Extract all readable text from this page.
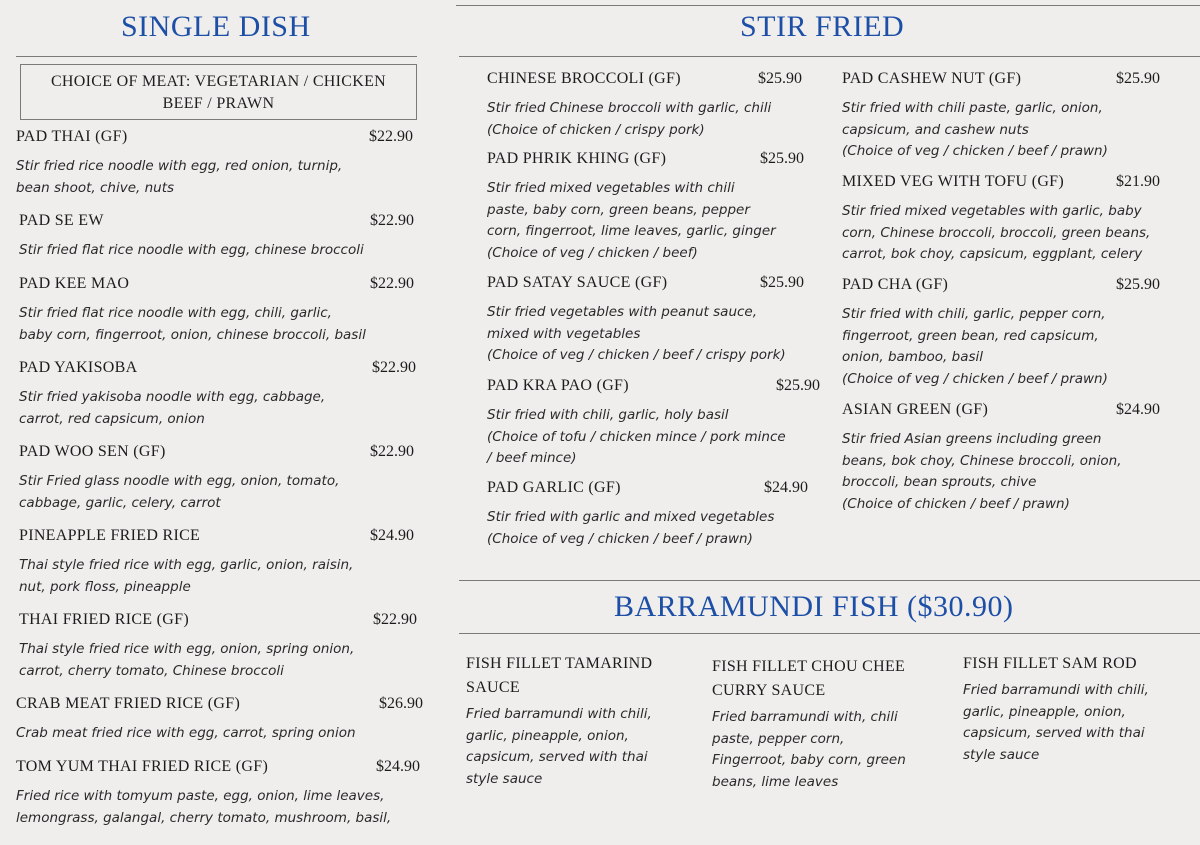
SINGLE DISH
CHOICE OF MEAT: VEGETARIAN / CHICKEN
BEEF / PRAWN
PAD THAI (GF)	$22.90
Stir fried rice noodle with egg, red onion, turnip,
bean shoot, chive, nuts
PAD SE EW	$22.90
Stir fried flat rice noodle with egg, chinese broccoli
PAD KEE MAO	$22.90
Stir fried flat rice noodle with egg, chili, garlic,
baby corn, fingerroot, onion, chinese broccoli, basil
PAD YAKISOBA	$22.90
Stir fried yakisoba noodle with egg, cabbage,
carrot, red capsicum, onion
PAD WOO SEN (GF)	$22.90
Stir Fried glass noodle with egg, onion, tomato,
cabbage, garlic, celery, carrot
PINEAPPLE FRIED RICE	$24.90
Thai style fried rice with egg, garlic, onion, raisin,
nut, pork floss, pineapple
THAI FRIED RICE (GF)	$22.90
Thai style fried rice with egg, onion, spring onion,
carrot, cherry tomato, Chinese broccoli
CRAB MEAT FRIED RICE (GF)	$26.90
Crab meat fried rice with egg, carrot, spring onion
TOM YUM THAI FRIED RICE (GF)	$24.90
Fried rice with tomyum paste, egg, onion, lime leaves,
lemongrass, galangal, cherry tomato, mushroom, basil,
STIR FRIED
CHINESE BROCCOLI (GF)	$25.90
Stir fried Chinese broccoli with garlic, chili
(Choice of chicken / crispy pork)
PAD PHRIK KHING (GF)	$25.90
Stir fried mixed vegetables with chili
paste, baby corn, green beans, pepper
corn, fingerroot, lime leaves, garlic, ginger
(Choice of veg / chicken / beef)
PAD SATAY SAUCE (GF)	$25.90
Stir fried vegetables with peanut sauce,
mixed with vegetables
(Choice of veg / chicken / beef / crispy pork)
PAD KRA PAO (GF)	$25.90
Stir fried with chili, garlic, holy basil
(Choice of tofu / chicken mince / pork mince
/ beef mince)
PAD GARLIC (GF)	$24.90
Stir fried with garlic and mixed vegetables
(Choice of veg / chicken / beef / prawn)
PAD CASHEW NUT (GF)	$25.90
Stir fried with chili paste, garlic, onion,
capsicum, and cashew nuts
(Choice of veg / chicken / beef / prawn)
MIXED VEG WITH TOFU (GF)	$21.90
Stir fried mixed vegetables with garlic, baby
corn, Chinese broccoli, broccoli, green beans,
carrot, bok choy, capsicum, eggplant, celery
PAD CHA (GF)	$25.90
Stir fried with chili, garlic, pepper corn,
fingerroot, green bean, red capsicum,
onion, bamboo, basil
(Choice of veg / chicken / beef / prawn)
ASIAN GREEN (GF)	$24.90
Stir fried Asian greens including green
beans, bok choy, Chinese broccoli, onion,
broccoli, bean sprouts, chive
(Choice of chicken / beef / prawn)
BARRAMUNDI FISH ($30.90)
FISH FILLET TAMARIND
SAUCE
Fried barramundi with chili,
garlic, pineapple, onion,
capsicum, served with thai
style sauce
FISH FILLET CHOU CHEE
CURRY SAUCE
Fried barramundi with, chili
paste, pepper corn,
Fingerroot, baby corn, green
beans, lime leaves
FISH FILLET SAM ROD
Fried barramundi with chili,
garlic, pineapple, onion,
capsicum, served with thai
style sauce
